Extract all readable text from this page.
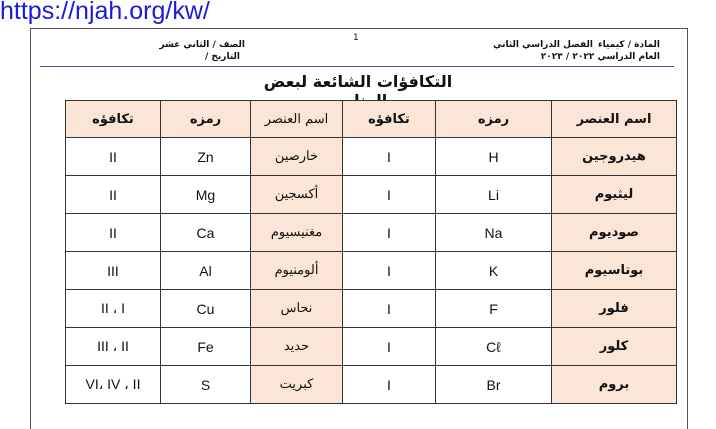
https://njah.org/kw/
1
المادة / كيمياء
الفصل الدراسي الثاني
العام الدراسي ٢٠٢٢ / ٢٠٢٣
الصف / الثاني عشر
التاريخ /
التكافؤات الشائعة لبعض
اسم العنصر	رمزه	تكافؤه	اسم العنصر	رمزه	تكافؤه
هيدروجين	H	I	خارصين	Zn	II
ليثيوم	Li	I	أكسجين	Mg	II
صوديوم	Na	I	مغنيسيوم	Ca	II
بوتاسيوم	K	I	ألومنيوم	Al	III
فلور	F	I	نحاس	Cu	II ، I
كلور	Cℓ	I	حديد	Fe	III ، II
بروم	Br	I	كبريت	S	VI، IV ، II
